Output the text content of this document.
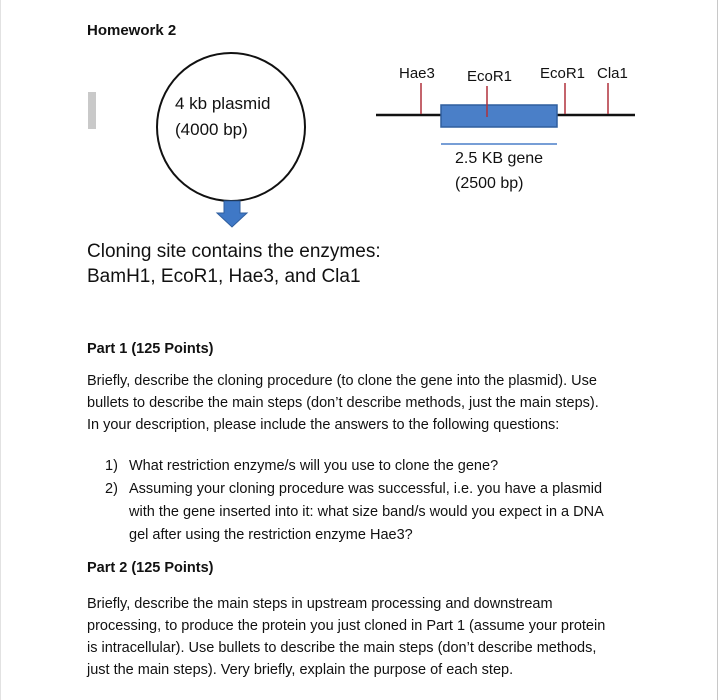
Homework 2
4 kb plasmid
(4000 bp)
Hae3 EcoR1 EcoR1 Cla1
2.5 KB gene
(2500 bp)
Cloning site contains the enzymes:
BamH1, EcoR1, Hae3, and Cla1
Part 1 (125 Points)
Briefly, describe the cloning procedure (to clone the gene into the plasmid). Use
bullets to describe the main steps (don’t describe methods, just the main steps).
In your description, please include the answers to the following questions:
1) What restriction enzyme/s will you use to clone the gene?
2) Assuming your cloning procedure was successful, i.e. you have a plasmid
with the gene inserted into it: what size band/s would you expect in a DNA
gel after using the restriction enzyme Hae3?
Part 2 (125 Points)
Briefly, describe the main steps in upstream processing and downstream
processing, to produce the protein you just cloned in Part 1 (assume your protein
is intracellular). Use bullets to describe the main steps (don’t describe methods,
just the main steps). Very briefly, explain the purpose of each step.
